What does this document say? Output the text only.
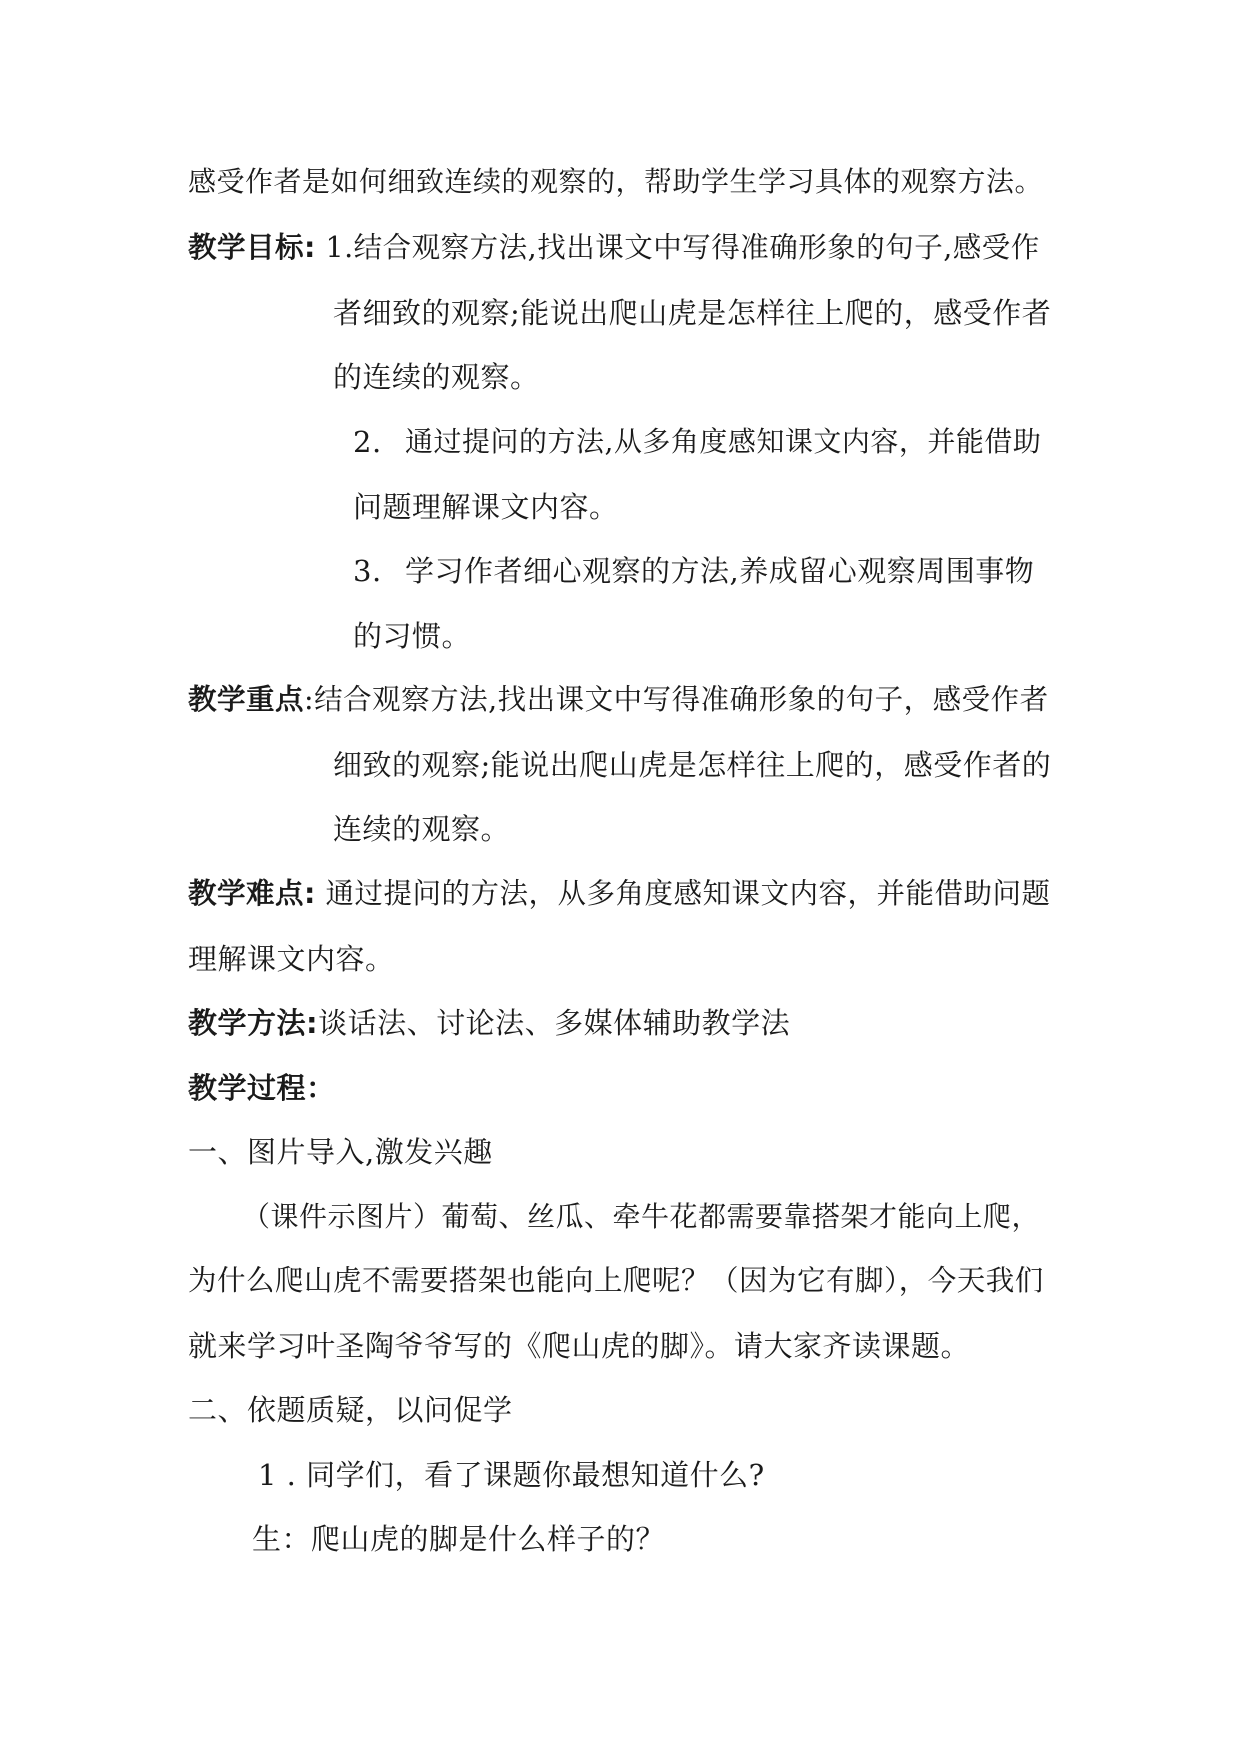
感受作者是如何细致连续的观察的，帮助学生学习具体的观察方法。
教学目标: 1.结合观察方法,找出课文中写得准确形象的句子,感受作
者细致的观察;能说出爬山虎是怎样往上爬的，感受作者
的连续的观察。
2. 通过提问的方法,从多角度感知课文内容，并能借助
问题理解课文内容。
3. 学习作者细心观察的方法,养成留心观察周围事物
的习惯。
教学重点:结合观察方法,找出课文中写得准确形象的句子，感受作者
细致的观察;能说出爬山虎是怎样往上爬的，感受作者的
连续的观察。
教学难点: 通过提问的方法，从多角度感知课文内容，并能借助问题
理解课文内容。
教学方法:谈话法、讨论法、多媒体辅助教学法
教学过程：
一、图片导入,激发兴趣
（课件示图片）葡萄、丝瓜、牵牛花都需要靠搭架才能向上爬，
为什么爬山虎不需要搭架也能向上爬呢？（因为它有脚），今天我们
就来学习叶圣陶爷爷写的《爬山虎的脚》。请大家齐读课题。
二、依题质疑，以问促学
1 . 同学们，看了课题你最想知道什么?
生：爬山虎的脚是什么样子的？
